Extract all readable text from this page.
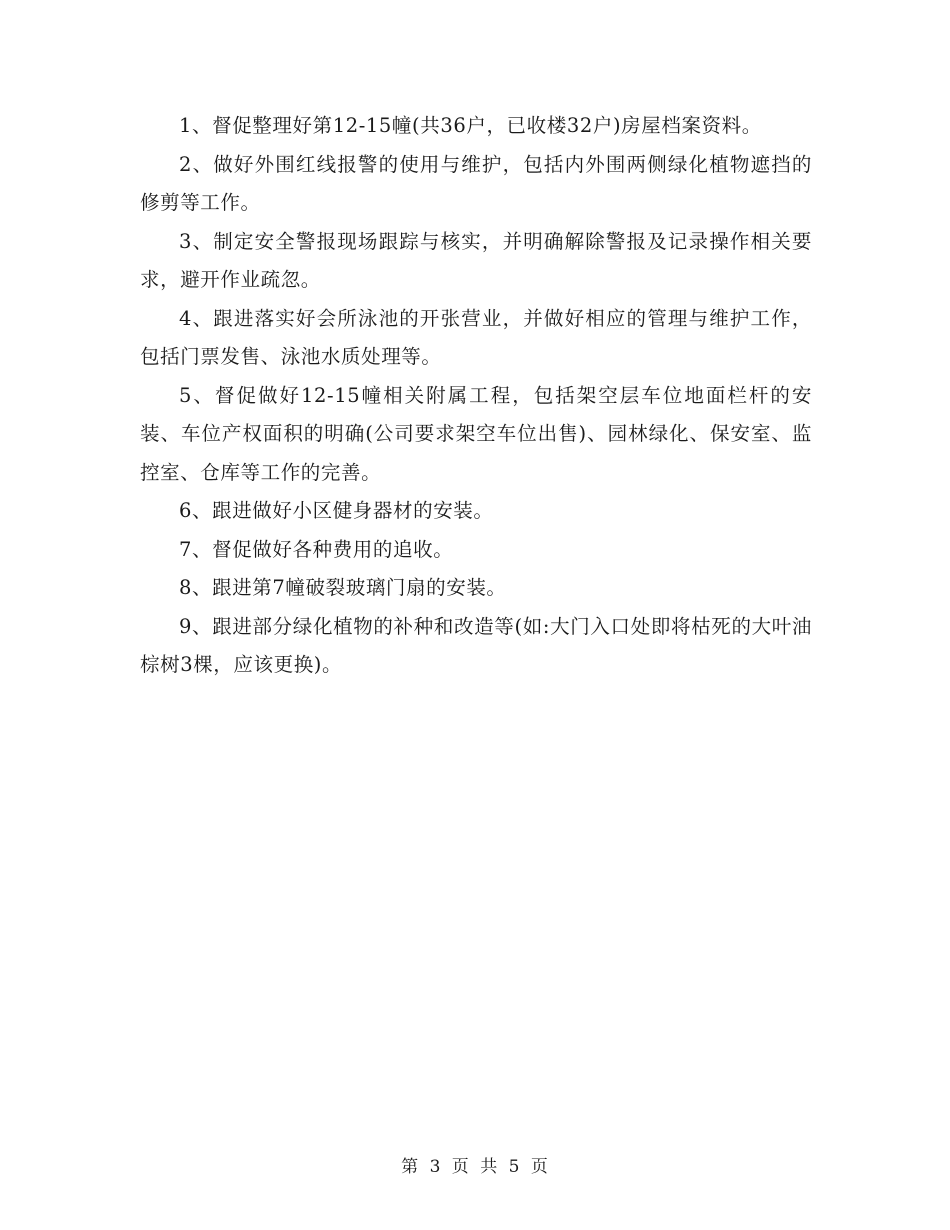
1、督促整理好第12-15幢(共36户，已收楼32户)房屋档案资料。

2、做好外围红线报警的使用与维护，包括内外围两侧绿化植物遮挡的修剪等工作。

3、制定安全警报现场跟踪与核实，并明确解除警报及记录操作相关要求，避开作业疏忽。

4、跟进落实好会所泳池的开张营业，并做好相应的管理与维护工作，包括门票发售、泳池水质处理等。

5、督促做好12-15幢相关附属工程，包括架空层车位地面栏杆的安装、车位产权面积的明确(公司要求架空车位出售)、园林绿化、保安室、监控室、仓库等工作的完善。

6、跟进做好小区健身器材的安装。

7、督促做好各种费用的追收。

8、跟进第7幢破裂玻璃门扇的安装。

9、跟进部分绿化植物的补种和改造等(如:大门入口处即将枯死的大叶油棕树3棵，应该更换)。

第 3 页 共 5 页
